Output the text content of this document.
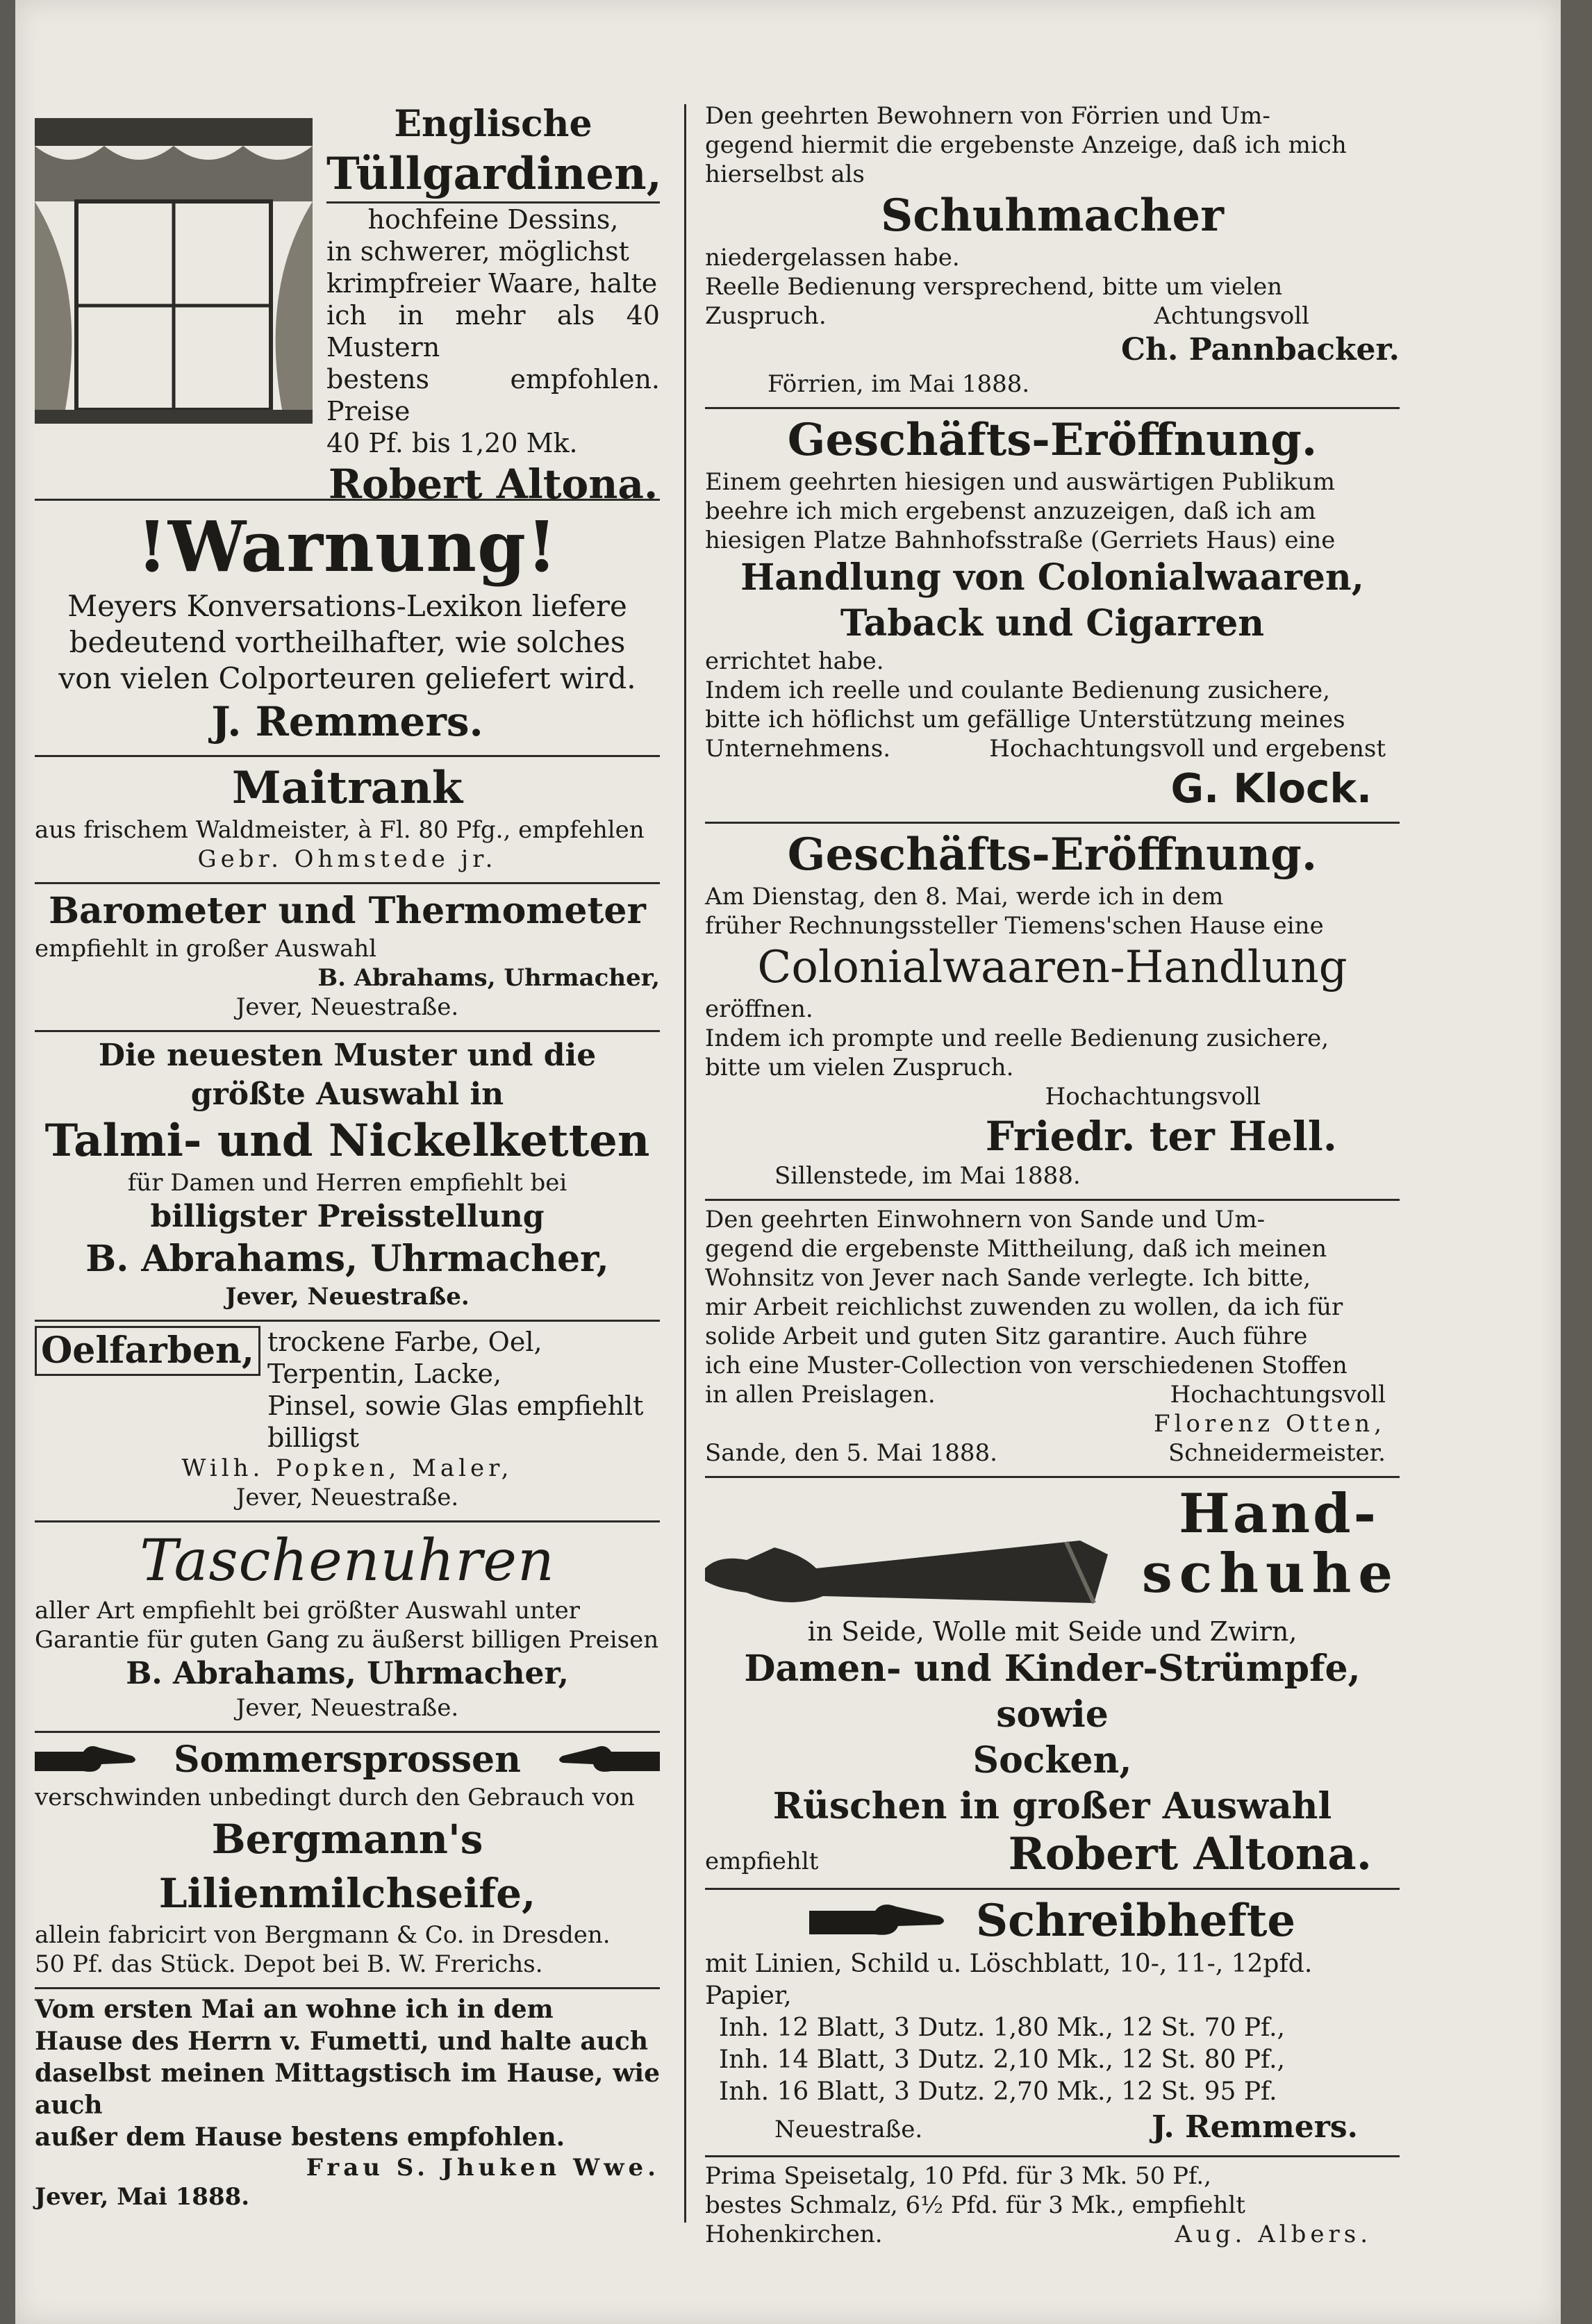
Englische
Tüllgardinen,
hochfeine Dessins,
in schwerer, möglichst
krimpfreier Waare, halte
ich in mehr als 40 Mustern
bestens empfohlen. Preise
40 Pf. bis 1,20 Mk.
Robert Altona.
!Warnung!
Meyers Konversations-Lexikon liefere
bedeutend vortheilhafter, wie solches
von vielen Colporteuren geliefert wird.
J. Remmers.
Maitrank
aus frischem Waldmeister, à Fl. 80 Pfg., empfehlen
Gebr. Ohmstede jr.
Barometer und Thermometer
empfiehlt in großer Auswahl
B. Abrahams, Uhrmacher,
Jever, Neuestraße.
Die neuesten Muster und die
größte Auswahl in
Talmi- und Nickelketten
für Damen und Herren empfiehlt bei
billigster Preisstellung
B. Abrahams, Uhrmacher,
Jever, Neuestraße.
Oelfarben, trockene Farbe, Oel, Terpentin, Lacke,
Pinsel, sowie Glas empfiehlt billigst
Wilh. Popken, Maler,
Jever, Neuestraße.
Taschenuhren
aller Art empfiehlt bei größter Auswahl unter
Garantie für guten Gang zu äußerst billigen Preisen
B. Abrahams, Uhrmacher,
Jever, Neuestraße.
Sommersprossen
verschwinden unbedingt durch den Gebrauch von
Bergmann's Lilienmilchseife,
allein fabricirt von Bergmann & Co. in Dresden.
50 Pf. das Stück. Depot bei B. W. Frerichs.
Vom ersten Mai an wohne ich in dem
Hause des Herrn v. Fumetti, und halte auch
daselbst meinen Mittagstisch im Hause, wie auch
außer dem Hause bestens empfohlen.
Frau S. Jhuken Wwe.
Jever, Mai 1888.
Den geehrten Bewohnern von Förrien und Um-
gegend hiermit die ergebenste Anzeige, daß ich mich
hierselbst als
Schuhmacher
niedergelassen habe.
Reelle Bedienung versprechend, bitte um vielen
Zuspruch.	Achtungsvoll
Ch. Pannbacker.
Förrien, im Mai 1888.
Geschäfts-Eröffnung.
Einem geehrten hiesigen und auswärtigen Publikum
beehre ich mich ergebenst anzuzeigen, daß ich am
hiesigen Platze Bahnhofsstraße (Gerriets Haus) eine
Handlung von Colonialwaaren,
Taback und Cigarren
errichtet habe.
Indem ich reelle und coulante Bedienung zusichere,
bitte ich höflichst um gefällige Unterstützung meines
Unternehmens.	Hochachtungsvoll und ergebenst
G. Klock.
Geschäfts-Eröffnung.
Am Dienstag, den 8. Mai, werde ich in dem
früher Rechnungssteller Tiemens'schen Hause eine
Colonialwaaren-Handlung
eröffnen.
Indem ich prompte und reelle Bedienung zusichere,
bitte um vielen Zuspruch.
Hochachtungsvoll
Friedr. ter Hell.
Sillenstede, im Mai 1888.
Den geehrten Einwohnern von Sande und Um-
gegend die ergebenste Mittheilung, daß ich meinen
Wohnsitz von Jever nach Sande verlegte. Ich bitte,
mir Arbeit reichlichst zuwenden zu wollen, da ich für
solide Arbeit und guten Sitz garantire. Auch führe
ich eine Muster-Collection von verschiedenen Stoffen
in allen Preislagen.	Hochachtungsvoll
Florenz Otten,
Sande, den 5. Mai 1888.	Schneidermeister.
Hand-
schuhe
in Seide, Wolle mit Seide und Zwirn,
Damen- und Kinder-Strümpfe, sowie
Socken,
Rüschen in großer Auswahl
empfiehlt	Robert Altona.
Schreibhefte
mit Linien, Schild u. Löschblatt, 10-, 11-, 12pfd. Papier,
Inh. 12 Blatt, 3 Dutz. 1,80 Mk., 12 St. 70 Pf.,
Inh. 14 Blatt, 3 Dutz. 2,10 Mk., 12 St. 80 Pf.,
Inh. 16 Blatt, 3 Dutz. 2,70 Mk., 12 St. 95 Pf.
Neuestraße.	J. Remmers.
Prima Speisetalg, 10 Pfd. für 3 Mk. 50 Pf.,
bestes Schmalz, 6½ Pfd. für 3 Mk., empfiehlt
Hohenkirchen.	Aug. Albers.
